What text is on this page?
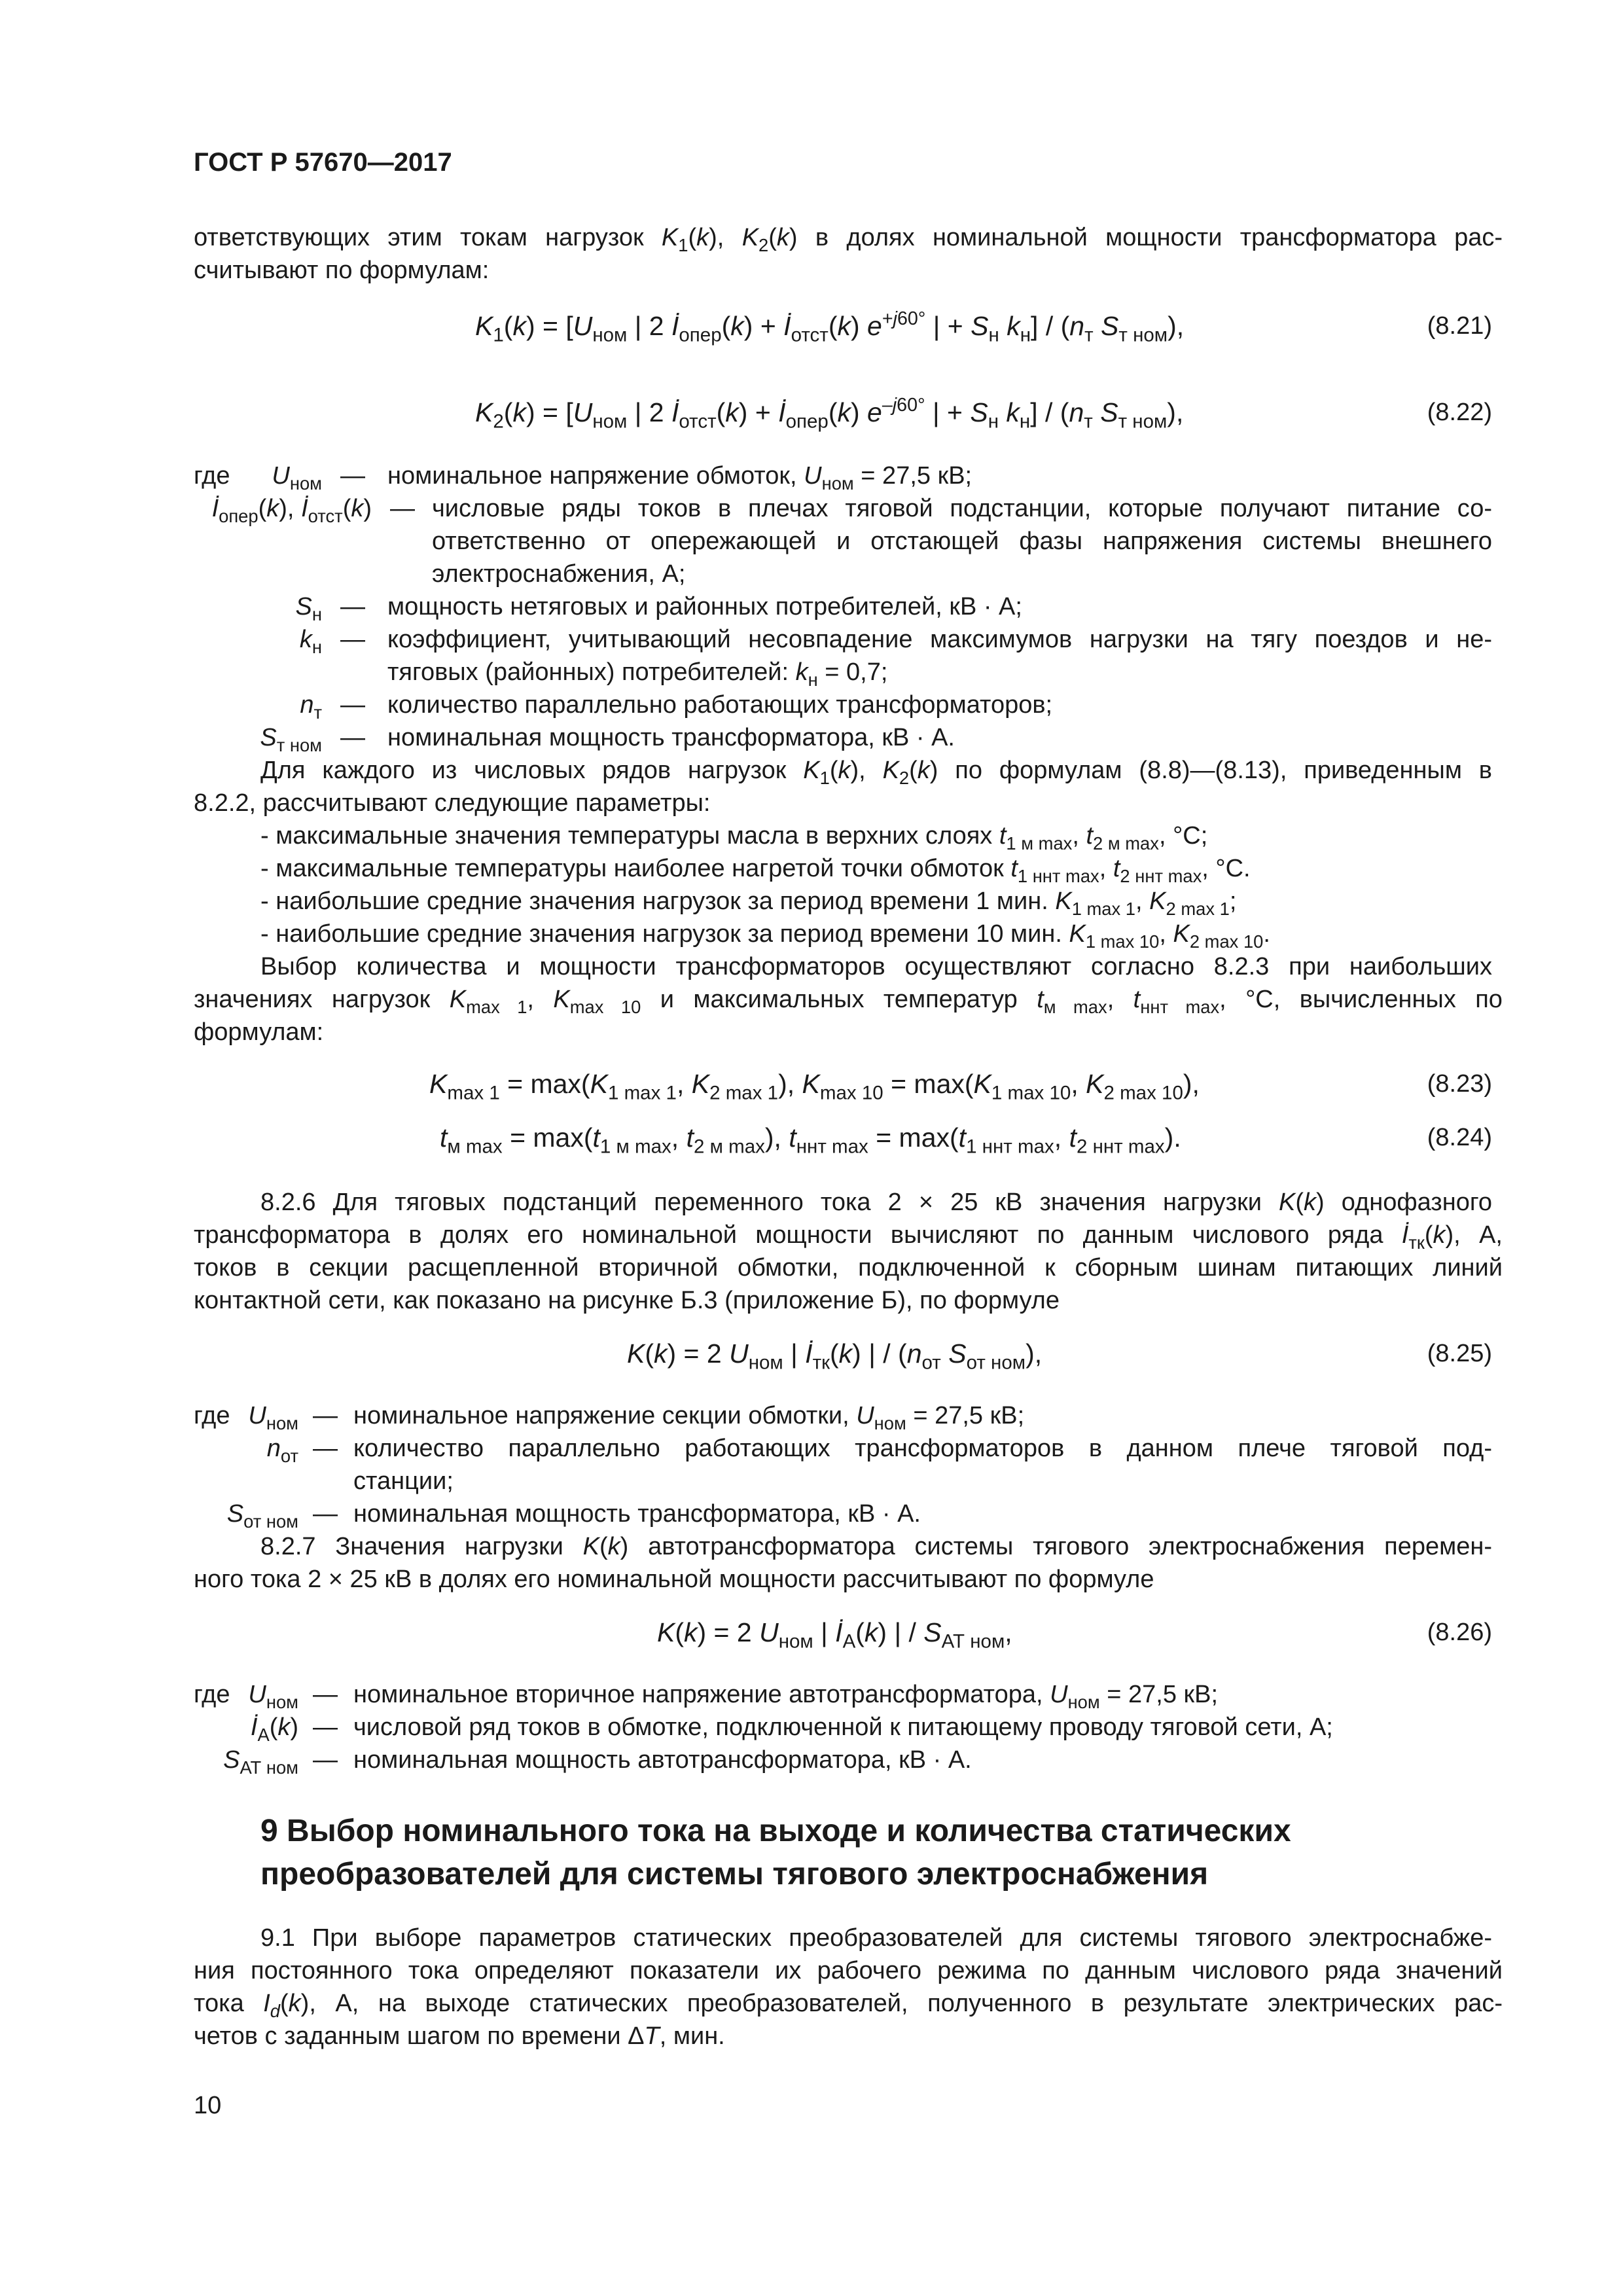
ГОСТ Р 57670—2017
ответствующих этим токам нагрузок $K_1(k)$, $K_2(k)$ в долях номинальной мощности трансформатора рас-
считывают по формулам:
$K_1(k) = [U_{ном}$ | 2 $İ_{опер}(k)$ + $İ_{отст}(k)$ $e^{+j60^\circ}$ | + $S_н$ $k_н] / (n_т$ $S_{т ном}$),	(8.21)
$K_2(k) = [U_{ном}$ | 2 $İ_{отст}(k)$ + $İ_{опер}(k)$ $e^{-j60^\circ}$ | + $S_н$ $k_н] / (n_т$ $S_{т ном}$),	(8.22)
где $U_{ном}$ — номинальное напряжение обмоток, $U_{ном} = 27,5$ кВ;
$İ_{опер}(k)$, $İ_{отст}(k)$ — числовые ряды токов в плечах тяговой подстанции, которые получают питание со-
ответственно от опережающей и отстающей фазы напряжения системы внешнего
электроснабжения, А;
$S_н$ — мощность нетяговых и районных потребителей, кВ · А;
$k_н$ — коэффициент, учитывающий несовпадение максимумов нагрузки на тягу поездов и не-
тяговых (районных) потребителей: $k_н = 0,7$;
$n_т$ — количество параллельно работающих трансформаторов;
$S_{т ном}$ — номинальная мощность трансформатора, кВ · А.
Для каждого из числовых рядов нагрузок $K_1(k)$, $K_2(k)$ по формулам (8.8)—(8.13), приведенным в
8.2.2, рассчитывают следующие параметры:
- максимальные значения температуры масла в верхних слоях $t_{1 м max}$, $t_{2 м max}$, °С;
- максимальные температуры наиболее нагретой точки обмоток $t_{1 ннт max}$, $t_{2 ннт max}$, °С.
- наибольшие средние значения нагрузок за период времени 1 мин. $K_{1 max 1}$, $K_{2 max 1}$;
- наибольшие средние значения нагрузок за период времени 10 мин. $K_{1 max 10}$, $K_{2 max 10}$.
Выбор количества и мощности трансформаторов осуществляют согласно 8.2.3 при наибольших
значениях нагрузок $K_{max 1}$, $K_{max 10}$ и максимальных температур $t_{м max}$, $t_{ннт max}$, °С, вычисленных по
формулам:
$K_{max 1} = \max(K_{1 max 1}$, $K_{2 max 1}$), $K_{max 10} = \max(K_{1 max 10}$, $K_{2 max 10}$),	(8.23)
$t_{м max} = \max(t_{1 м max}$, $t_{2 м max}$), $t_{ннт max} = \max(t_{1 ннт max}$, $t_{2 ннт max}$).	(8.24)
8.2.6 Для тяговых подстанций переменного тока 2 × 25 кВ значения нагрузки K(k) однофазного
трансформатора в долях его номинальной мощности вычисляют по данным числового ряда $İ_{тк}(k)$, А,
токов в секции расщепленной вторичной обмотки, подключенной к сборным шинам питающих линий
контактной сети, как показано на рисунке Б.3 (приложение Б), по формуле
K(k) = 2 $U_{ном}$ | $İ_{тк}(k)$ | / ($n_{от}$ $S_{от ном}$),	(8.25)
где $U_{ном}$ — номинальное напряжение секции обмотки, $U_{ном} = 27,5$ кВ;
$n_{от}$ — количество параллельно работающих трансформаторов в данном плече тяговой под-
станции;
$S_{от ном}$ — номинальная мощность трансформатора, кВ · А.
8.2.7 Значения нагрузки K(k) автотрансформатора системы тягового электроснабжения перемен-
ного тока 2 × 25 кВ в долях его номинальной мощности рассчитывают по формуле
K(k) = 2 $U_{ном}$ | $İ_А(k)$ | / $S_{АТ ном}$,	(8.26)
где $U_{ном}$ — номинальное вторичное напряжение автотрансформатора, $U_{ном} = 27,5$ кВ;
$İ_А(k)$ — числовой ряд токов в обмотке, подключенной к питающему проводу тяговой сети, А;
$S_{АТ ном}$ — номинальная мощность автотрансформатора, кВ · А.
9 Выбор номинального тока на выходе и количества статических
преобразователей для системы тягового электроснабжения
9.1 При выборе параметров статических преобразователей для системы тягового электроснабже-
ния постоянного тока определяют показатели их рабочего режима по данным числового ряда значений
тока $I_d(k)$, А, на выходе статических преобразователей, полученного в результате электрических рас-
четов с заданным шагом по времени ΔT, мин.
10
